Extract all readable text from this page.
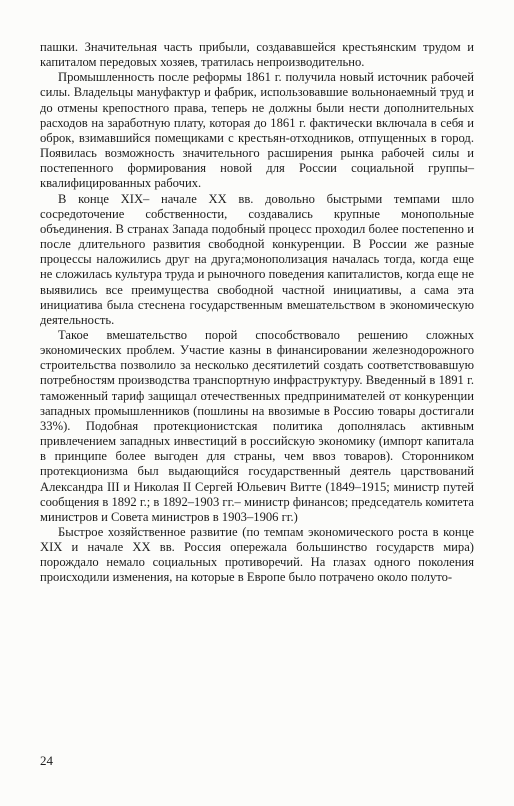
пашки. Значительная часть прибыли, создававшейся крестьянским трудом и капиталом передовых хозяев, тратилась непроизводительно.

Промышленность после реформы 1861 г. получила новый источник рабочей силы. Владельцы мануфактур и фабрик, использовавшие вольнонаемный труд и до отмены крепостного права, теперь не должны были нести дополнительных расходов на заработную плату, которая до 1861 г. фактически включала в себя и оброк, взимавшийся помещиками с крестьян-отходников, отпущенных в город. Появилась возможность значительного расширения рынка рабочей силы и постепенного формирования новой для России социальной группы– квалифицированных рабочих.

В конце XIX– начале XX вв. довольно быстрыми темпами шло сосредоточение собственности, создавались крупные монопольные объединения. В странах Запада подобный процесс проходил более постепенно и после длительного развития свободной конкуренции. В России же разные процессы наложились друг на друга;монополизация началась тогда, когда еще не сложилась культура труда и рыночного поведения капиталистов, когда еще не выявились все преимущества свободной частной инициативы, а сама эта инициатива была стеснена государственным вмешательством в экономическую деятельность.

Такое вмешательство порой способствовало решению сложных экономических проблем. Участие казны в финансировании железнодорожного строительства позволило за несколько десятилетий создать соответствовавшую потребностям производства транспортную инфраструктуру. Введенный в 1891 г. таможенный тариф защищал отечественных предпринимателей от конкуренции западных промышленников (пошлины на ввозимые в Россию товары достигали 33%). Подобная протекционистская политика дополнялась активным привлечением западных инвестиций в российскую экономику (импорт капитала в принципе более выгоден для страны, чем ввоз товаров). Сторонником протекционизма был выдающийся государственный деятель царствований Александра III и Николая II Сергей Юльевич Витте (1849–1915; министр путей сообщения в 1892 г.; в 1892–1903 гг.– министр финансов; председатель комитета министров и Совета министров в 1903–1906 гг.)

Быстрое хозяйственное развитие (по темпам экономического роста в конце XIX и начале XX вв. Россия опережала большинство государств мира) порождало немало социальных противоречий. На глазах одного поколения происходили изменения, на которые в Европе было потрачено около полуто-

24
